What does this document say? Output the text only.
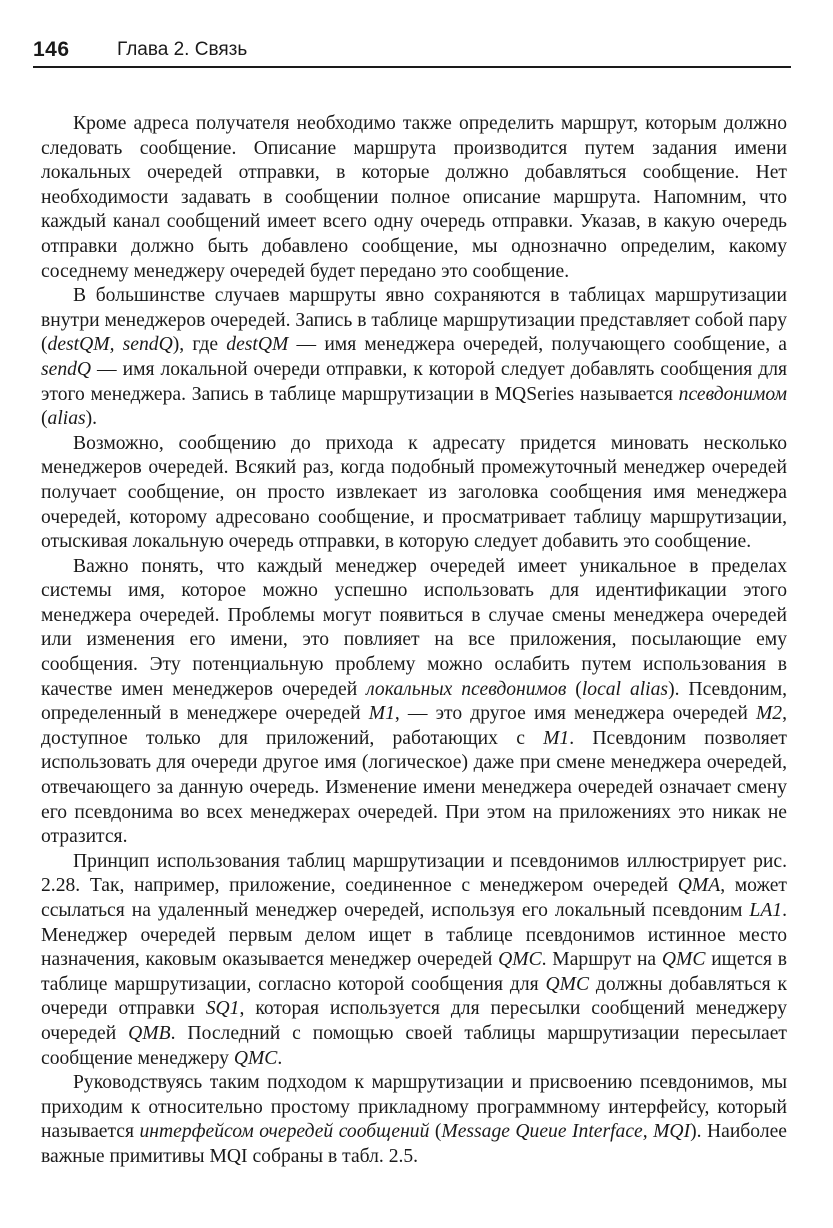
146 Глава 2. Связь

Кроме адреса получателя необходимо также определить маршрут, которым должно следовать сообщение. Описание маршрута производится путем задания имени локальных очередей отправки, в которые должно добавляться сообщение. Нет необходимости задавать в сообщении полное описание маршрута. Напомним, что каждый канал сообщений имеет всего одну очередь отправки. Указав, в какую очередь отправки должно быть добавлено сообщение, мы однозначно определим, какому соседнему менеджеру очередей будет передано это сообщение.

В большинстве случаев маршруты явно сохраняются в таблицах маршрутизации внутри менеджеров очередей. Запись в таблице маршрутизации представляет собой пару (destQM, sendQ), где destQM — имя менеджера очередей, получающего сообщение, а sendQ — имя локальной очереди отправки, к которой следует добавлять сообщения для этого менеджера. Запись в таблице маршрутизации в MQSeries называется псевдонимом (alias).

Возможно, сообщению до прихода к адресату придется миновать несколько менеджеров очередей. Всякий раз, когда подобный промежуточный менеджер очередей получает сообщение, он просто извлекает из заголовка сообщения имя менеджера очередей, которому адресовано сообщение, и просматривает таблицу маршрутизации, отыскивая локальную очередь отправки, в которую следует добавить это сообщение.

Важно понять, что каждый менеджер очередей имеет уникальное в пределах системы имя, которое можно успешно использовать для идентификации этого менеджера очередей. Проблемы могут появиться в случае смены менеджера очередей или изменения его имени, это повлияет на все приложения, посылающие ему сообщения. Эту потенциальную проблему можно ослабить путем использования в качестве имен менеджеров очередей локальных псевдонимов (local alias). Псевдоним, определенный в менеджере очередей M1, — это другое имя менеджера очередей M2, доступное только для приложений, работающих с M1. Псевдоним позволяет использовать для очереди другое имя (логическое) даже при смене менеджера очередей, отвечающего за данную очередь. Изменение имени менеджера очередей означает смену его псевдонима во всех менеджерах очередей. При этом на приложениях это никак не отразится.

Принцип использования таблиц маршрутизации и псевдонимов иллюстрирует рис. 2.28. Так, например, приложение, соединенное с менеджером очередей QMA, может ссылаться на удаленный менеджер очередей, используя его локальный псевдоним LA1. Менеджер очередей первым делом ищет в таблице псевдонимов истинное место назначения, каковым оказывается менеджер очередей QMC. Маршрут на QMC ищется в таблице маршрутизации, согласно которой сообщения для QMC должны добавляться к очереди отправки SQ1, которая используется для пересылки сообщений менеджеру очередей QMB. Последний с помощью своей таблицы маршрутизации пересылает сообщение менеджеру QMC.

Руководствуясь таким подходом к маршрутизации и присвоению псевдонимов, мы приходим к относительно простому прикладному программному интерфейсу, который называется интерфейсом очередей сообщений (Message Queue Interface, MQI). Наиболее важные примитивы MQI собраны в табл. 2.5.
